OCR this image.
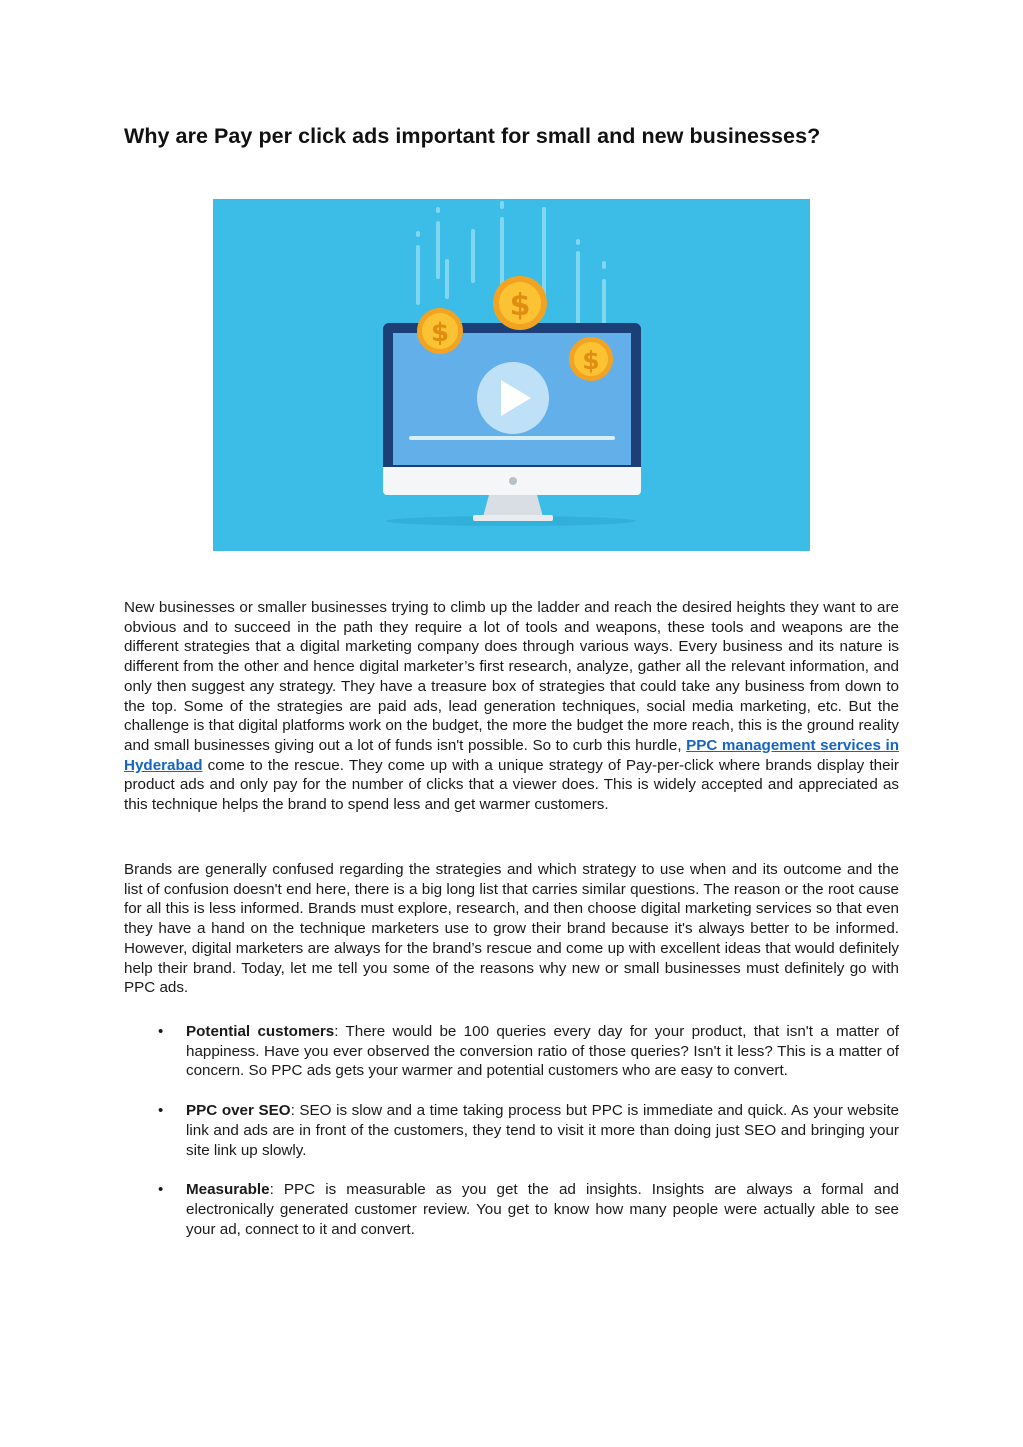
Why are Pay per click ads important for small and new businesses?
$
$
$

New businesses or smaller businesses trying to climb up the ladder and reach the desired heights they want to are obvious and to succeed in the path they require a lot of tools and weapons, these tools and weapons are the different strategies that a digital marketing company does through various ways. Every business and its nature is different from the other and hence digital marketer’s first research, analyze, gather all the relevant information, and only then suggest any strategy. They have a treasure box of strategies that could take any business from down to the top. Some of the strategies are paid ads, lead generation techniques, social media marketing, etc. But the challenge is that digital platforms work on the budget, the more the budget the more reach, this is the ground reality and small businesses giving out a lot of funds isn't possible. So to curb this hurdle, PPC management services in Hyderabad come to the rescue. They come up with a unique strategy of Pay-per-click where brands display their product ads and only pay for the number of clicks that a viewer does. This is widely accepted and appreciated as this technique helps the brand to spend less and get warmer customers.

Brands are generally confused regarding the strategies and which strategy to use when and its outcome and the list of confusion doesn't end here, there is a big long list that carries similar questions. The reason or the root cause for all this is less informed. Brands must explore, research, and then choose digital marketing services so that even they have a hand on the technique marketers use to grow their brand because it's always better to be informed. However, digital marketers are always for the brand’s rescue and come up with excellent ideas that would definitely help their brand. Today, let me tell you some of the reasons why new or small businesses must definitely go with PPC ads.

• Potential customers: There would be 100 queries every day for your product, that isn't a matter of happiness. Have you ever observed the conversion ratio of those queries? Isn't it less? This is a matter of concern. So PPC ads gets your warmer and potential customers who are easy to convert.
• PPC over SEO: SEO is slow and a time taking process but PPC is immediate and quick. As your website link and ads are in front of the customers, they tend to visit it more than doing just SEO and bringing your site link up slowly.
• Measurable: PPC is measurable as you get the ad insights. Insights are always a formal and electronically generated customer review. You get to know how many people were actually able to see your ad, connect to it and convert.
